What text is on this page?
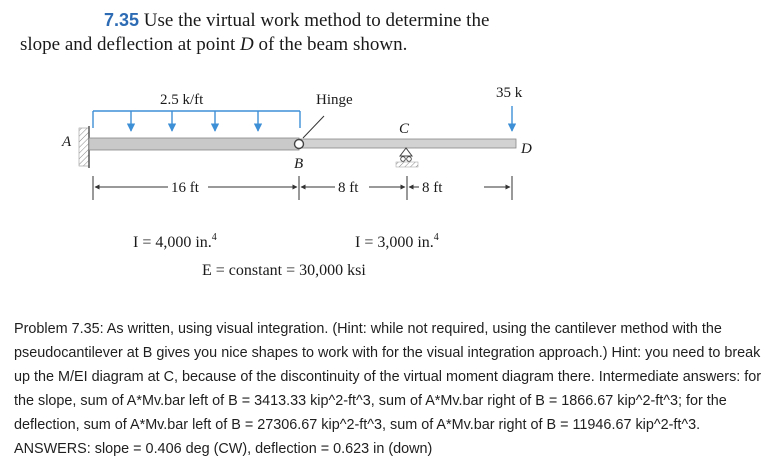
7.35 Use the virtual work method to determine the
slope and deflection at point D of the beam shown.
A
2.5 k/ft	Hinge
B
C
35 k
D
16 ft	8 ft	8 ft
I = 4,000 in.$^4$	I = 3,000 in.$^4$
E = constant = 30,000 ksi
Problem 7.35: As written, using visual integration. (Hint: while not required, using the cantilever method with the pseudocantilever at B gives you nice shapes to work with for the visual integration approach.) Hint: you need to break up the M/EI diagram at C, because of the discontinuity of the virtual moment diagram there. Intermediate answers: for the slope, sum of A*Mv.bar left of B = 3413.33 kip^2-ft^3, sum of A*Mv.bar right of B = 1866.67 kip^2-ft^3; for the deflection, sum of A*Mv.bar left of B = 27306.67 kip^2-ft^3, sum of A*Mv.bar right of B = 11946.67 kip^2-ft^3. ANSWERS: slope = 0.406 deg (CW), deflection = 0.623 in (down)
